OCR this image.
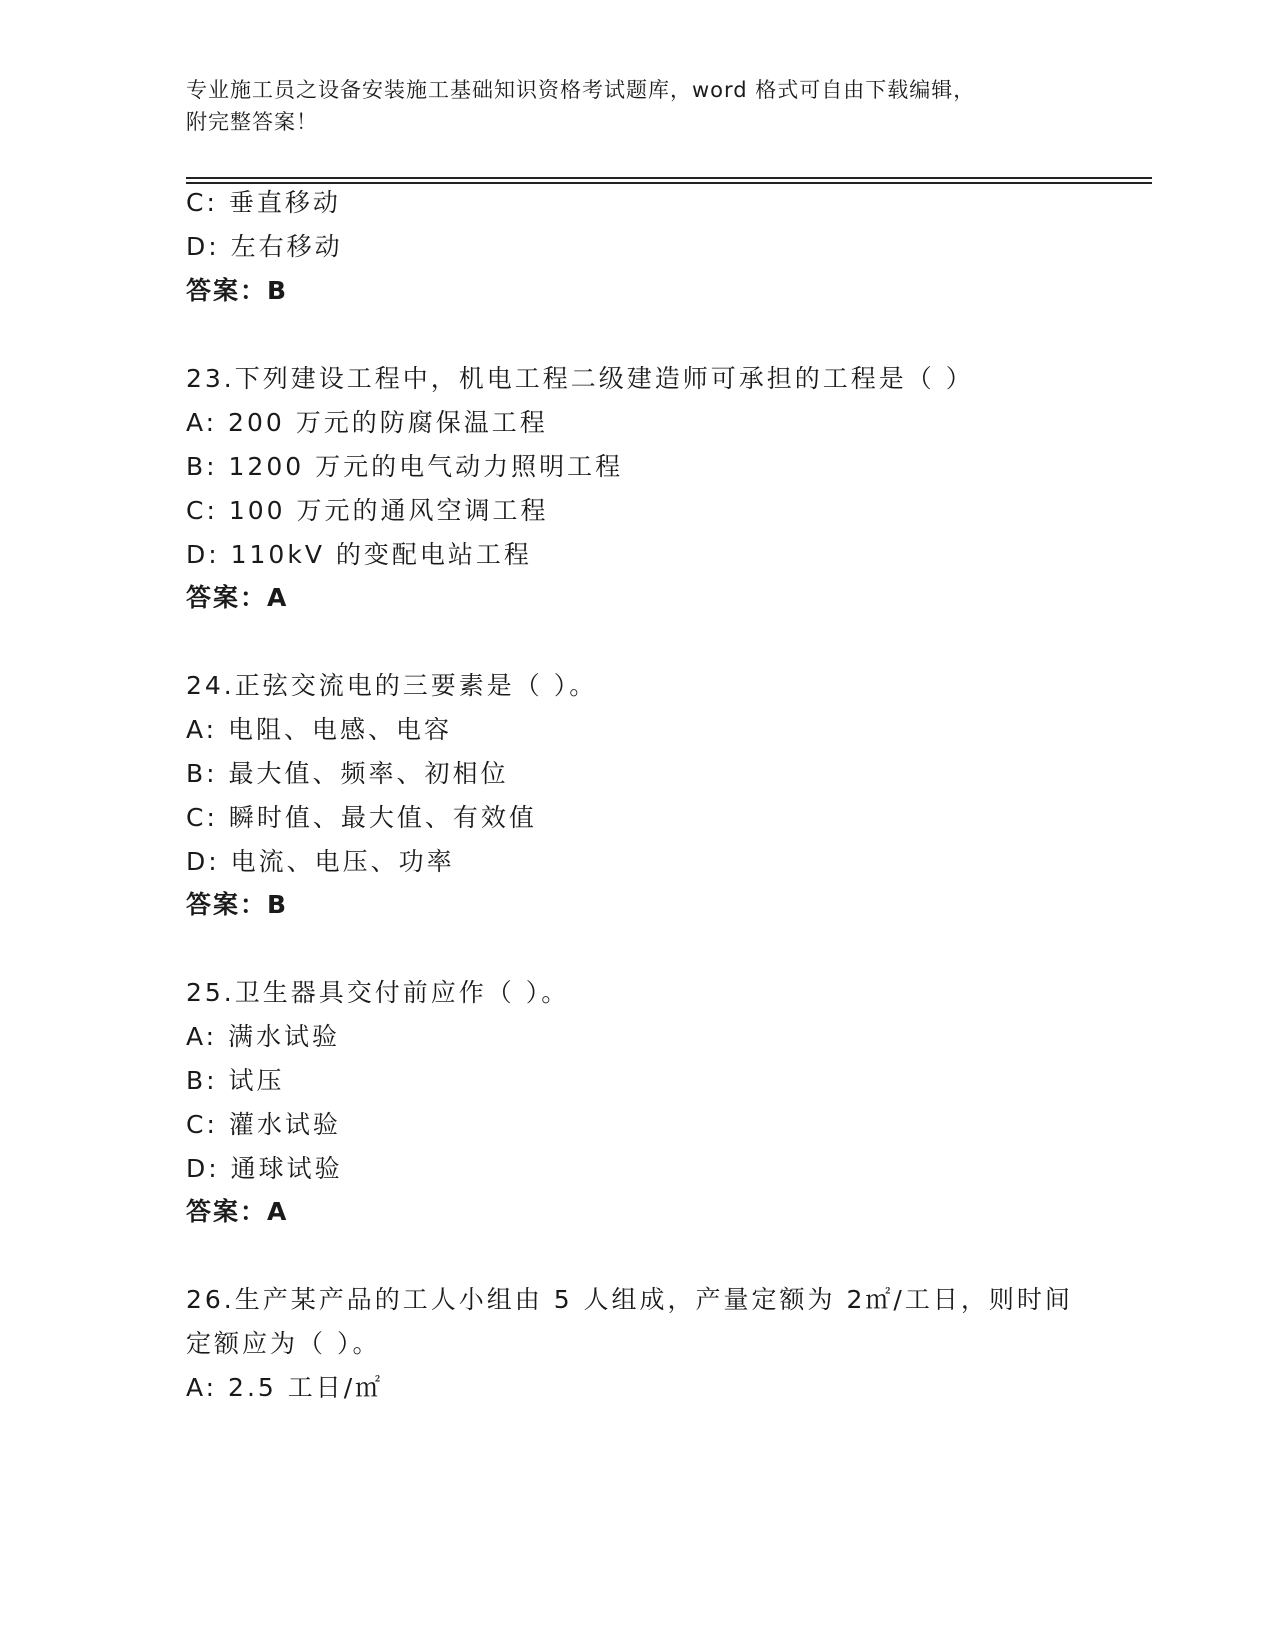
专业施工员之设备安装施工基础知识资格考试题库，word 格式可自由下载编辑，
附完整答案！
C: 垂直移动
D: 左右移动
答案：B
23.下列建设工程中，机电工程二级建造师可承担的工程是（ ）
A: 200 万元的防腐保温工程
B: 1200 万元的电气动力照明工程
C: 100 万元的通风空调工程
D: 110kV 的变配电站工程
答案：A
24.正弦交流电的三要素是（ ）。
A: 电阻、电感、电容
B: 最大值、频率、初相位
C: 瞬时值、最大值、有效值
D: 电流、电压、功率
答案：B
25.卫生器具交付前应作（ ）。
A: 满水试验
B: 试压
C: 灌水试验
D: 通球试验
答案：A
26.生产某产品的工人小组由 5 人组成，产量定额为 2㎡/工日，则时间
定额应为（ ）。
A: 2.5 工日/㎡
